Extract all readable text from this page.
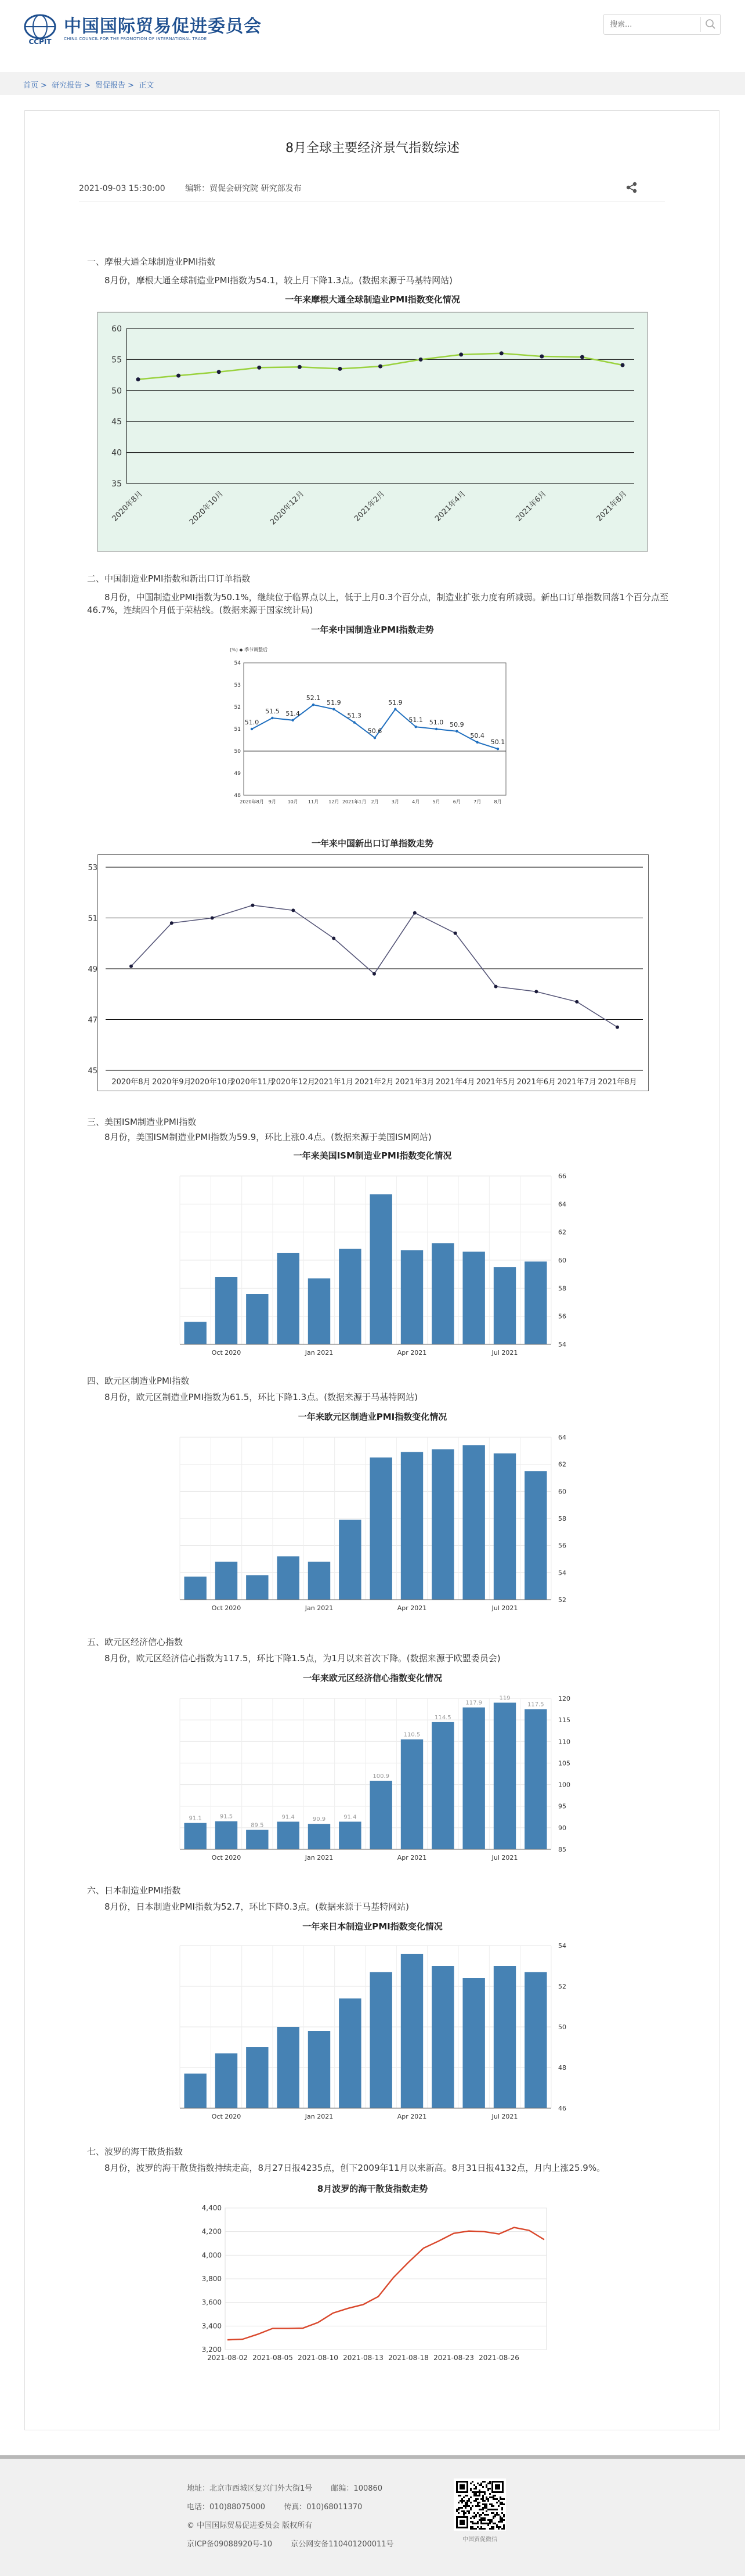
CCPIT
中国国际贸易促进委员会
CHINA COUNCIL FOR THE PROMOTION OF INTERNATIONAL TRADE
搜索...
首页 > 研究报告 > 贸促报告 > 正文
8月全球主要经济景气指数综述
2021-09-03 15:30:00 编辑：贸促会研究院 研究部发布
一、摩根大通全球制造业PMI指数
8月份，摩根大通全球制造业PMI指数为54.1，较上月下降1.3点。(数据来源于马基特网站)
一年来摩根大通全球制造业PMI指数变化情况
35
40
45
50
55
60
2020年8月	2020年10月	2020年12月	2021年2月	2021年4月	2021年6月	2021年8月
二、中国制造业PMI指数和新出口订单指数
8月份，中国制造业PMI指数为50.1%，继续位于临界点以上，低于上月0.3个百分点，制造业扩张力度有所减弱。新出口订单指数回落1个百分点至46.7%，连续四个月低于荣枯线。(数据来源于国家统计局)
一年来中国制造业PMI指数走势
(%) ◆ 季节调整后
48
49
50
51
52
53
54
51.0
51.5 51.4
52.1
51.9
51.3
50.6
51.9
51.1 51.0 50.9
50.4
50.1
2020年8月 9月 10月 11月 12月 2021年1月 2月	3月	4月	5月	6月	7月	8月
一年来中国新出口订单指数走势
45
47
49
51
53
2020年8月 2020年9月
2020年10月
2020年11月
2020年12月
2021年1月 2021年2月 2021年3月 2021年4月 2021年5月 2021年6月 2021年7月 2021年8月
三、美国ISM制造业PMI指数
8月份，美国ISM制造业PMI指数为59.9，环比上涨0.4点。(数据来源于美国ISM网站)
一年来美国ISM制造业PMI指数变化情况
54
56
58
60
62
64
66
Oct 2020	Jan 2021	Apr 2021	Jul 2021
四、欧元区制造业PMI指数
8月份，欧元区制造业PMI指数为61.5，环比下降1.3点。(数据来源于马基特网站)
一年来欧元区制造业PMI指数变化情况
52
54
56
58
60
62
64
Oct 2020	Jan 2021	Apr 2021	Jul 2021
五、欧元区经济信心指数
8月份，欧元区经济信心指数为117.5，环比下降1.5点，为1月以来首次下降。(数据来源于欧盟委员会)
一年来欧元区经济信心指数变化情况
85
90
95
100
105
110
115
120
91.1	91.5
89.5
91.4	90.9	91.4
100.9
110.5
114.5
117.9
119
117.5
Oct 2020	Jan 2021	Apr 2021	Jul 2021
六、日本制造业PMI指数
8月份，日本制造业PMI指数为52.7，环比下降0.3点。(数据来源于马基特网站)
一年来日本制造业PMI指数变化情况
46
48
50
52
54
Oct 2020	Jan 2021	Apr 2021	Jul 2021
七、波罗的海干散货指数
8月份，波罗的海干散货指数持续走高，8月27日报4235点，创下2009年11月以来新高。8月31日报4132点，月内上涨25.9%。
8月波罗的海干散货指数走势
3,200
3,400
3,600
3,800
4,000
4,200
4,400
2021-08-02 2021-08-05 2021-08-10 2021-08-13 2021-08-18 2021-08-23 2021-08-26
地址：北京市西城区复兴门外大街1号 邮编：100860
电话：010)88075000 传真：010)68011370
© 中国国际贸易促进委员会 版权所有
京ICP备09088920号-10 京公网安备110401200011号
中国贸促微信
